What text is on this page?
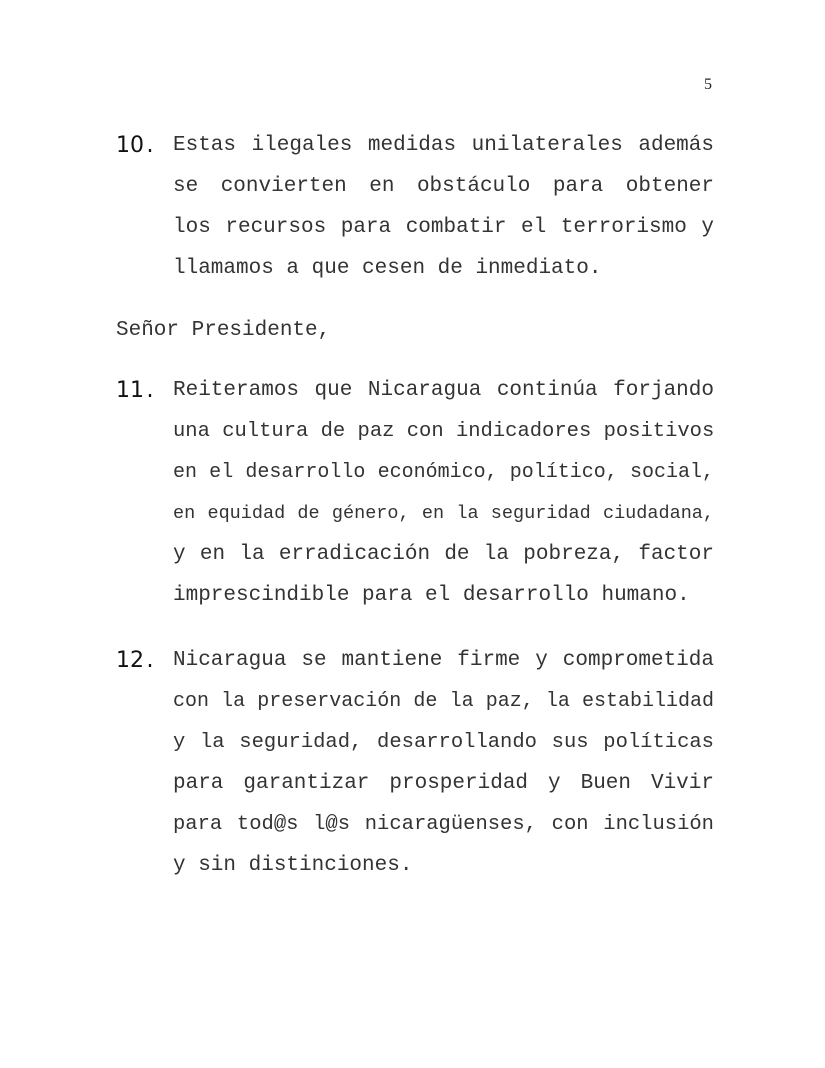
5
10. Estas ilegales medidas unilaterales además
se convierten en obstáculo para obtener
los recursos para combatir el terrorismo y
llamamos a que cesen de inmediato.
Señor Presidente,
11. Reiteramos que Nicaragua continúa forjando
una cultura de paz con indicadores positivos
en el desarrollo económico, político, social,
en equidad de género, en la seguridad ciudadana,
y en la erradicación de la pobreza, factor
imprescindible para el desarrollo humano.
12. Nicaragua se mantiene firme y comprometida
con la preservación de la paz, la estabilidad
y la seguridad, desarrollando sus políticas
para garantizar prosperidad y Buen Vivir
para tod@s l@s nicaragüenses, con inclusión
y sin distinciones.
